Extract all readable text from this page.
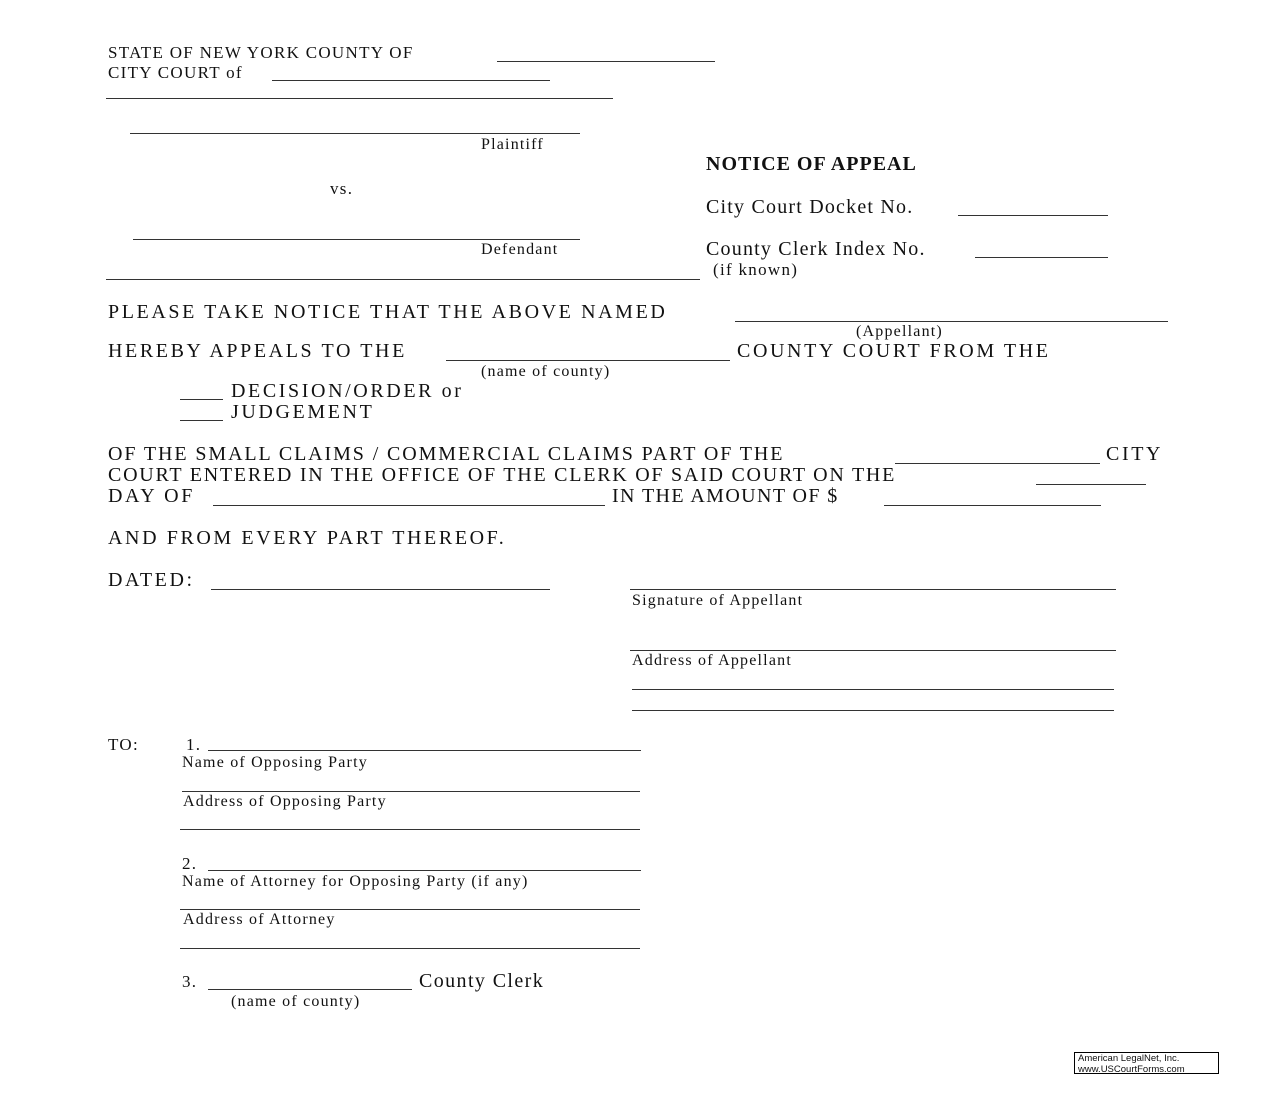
STATE OF NEW YORK COUNTY OF
CITY COURT of
Plaintiff
vs.
Defendant
NOTICE OF APPEAL
City Court Docket No.
County Clerk Index No.
(if known)
PLEASE TAKE NOTICE THAT THE ABOVE NAMED
(Appellant)
HEREBY APPEALS TO THE	COUNTY COURT FROM THE
(name of county)
DECISION/ORDER or
JUDGEMENT
OF THE SMALL CLAIMS / COMMERCIAL CLAIMS PART OF THE	CITY
COURT ENTERED IN THE OFFICE OF THE CLERK OF SAID COURT ON THE
DAY OF	IN THE AMOUNT OF $
AND FROM EVERY PART THEREOF.
DATED:
Signature of Appellant
Address of Appellant
TO:	1.
Name of Opposing Party
Address of Opposing Party
2.
Name of Attorney for Opposing Party (if any)
Address of Attorney
3.	County Clerk
(name of county)
American LegalNet, Inc.
www.USCourtForms.com
